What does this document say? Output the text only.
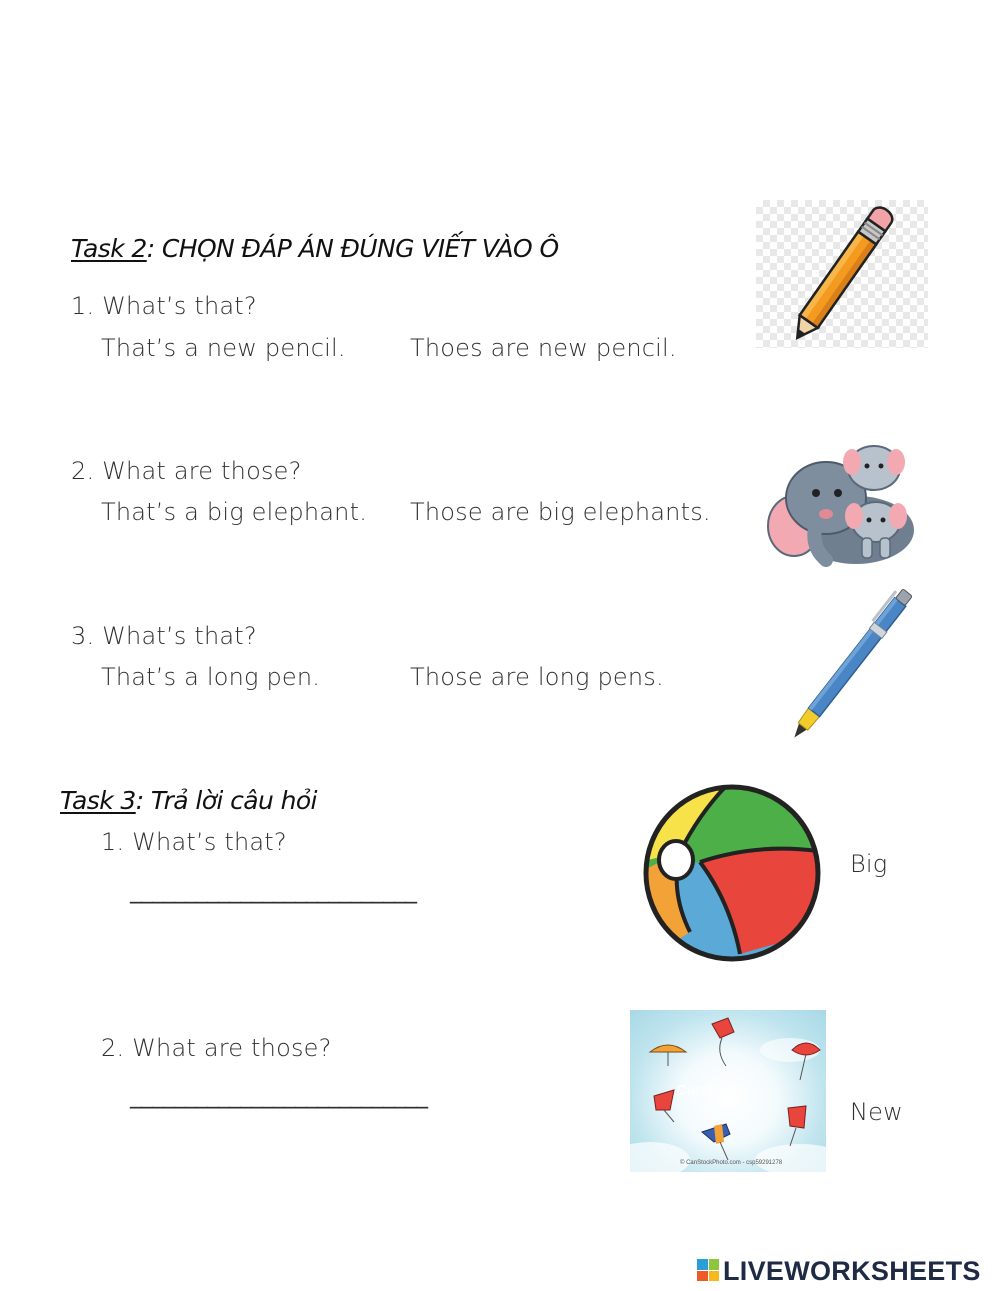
Task 2: CHỌN ĐÁP ÁN ĐÚNG VIẾT VÀO Ô
1. What’s that?
That’s a new pencil.	Thoes are new pencil.
2. What are those?
That’s a big elephant. Those are big elephants.
3. What’s that?
That’s a long pen.	Those are long pens.
Task 3: Trả lời câu hỏi
1. What’s that?
__________________________
2. What are those?
___________________________
Big
CanStock
© CanStockPhoto.com - csp59291278
New
LIVEWORKSHEETS
